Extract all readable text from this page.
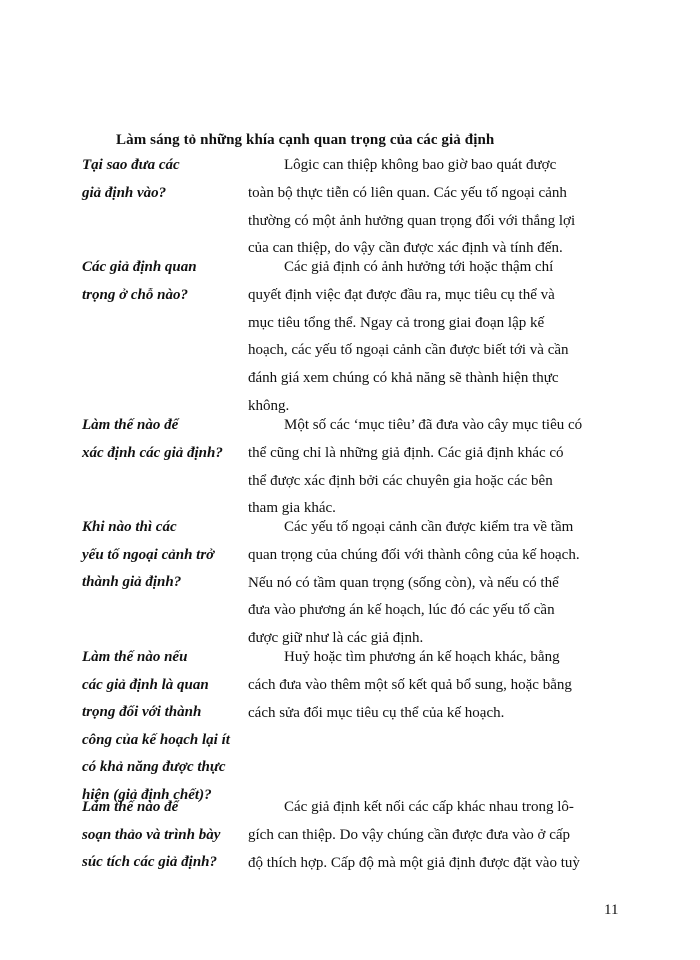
Làm sáng tỏ những khía cạnh quan trọng của các giả định
Tại sao đưa các
giả định vào?
Lôgic can thiệp không bao giờ bao quát được
toàn bộ thực tiễn có liên quan. Các yếu tố ngoại cảnh
thường có một ảnh hưởng quan trọng đối với thắng lợi
của can thiệp, do vậy cần được xác định và tính đến.
Các giả định quan
trọng ở chỗ nào?
Các giả định có ảnh hưởng tới hoặc thậm chí
quyết định việc đạt được đầu ra, mục tiêu cụ thể và
mục tiêu tổng thể. Ngay cả trong giai đoạn lập kế
hoạch, các yếu tố ngoại cảnh cần được biết tới và cần
đánh giá xem chúng có khả năng sẽ thành hiện thực
không.
Làm thế nào để
xác định các giả định?
Một số các ‘mục tiêu’ đã đưa vào cây mục tiêu có
thể cũng chỉ là những giả định. Các giả định khác có
thể được xác định bởi các chuyên gia hoặc các bên
tham gia khác.
Khi nào thì các
yếu tố ngoại cảnh trở
thành giả định?
Các yếu tố ngoại cảnh cần được kiểm tra về tầm
quan trọng của chúng đối với thành công của kế hoạch.
Nếu nó có tầm quan trọng (sống còn), và nếu có thể
đưa vào phương án kế hoạch, lúc đó các yếu tố cần
được giữ như là các giả định.
Làm thế nào nếu
các giả định là quan
trọng đối với thành
công của kế hoạch lại ít
có khả năng được thực
hiện (giả định chết)?
Huỷ hoặc tìm phương án kế hoạch khác, bằng
cách đưa vào thêm một số kết quả bổ sung, hoặc bằng
cách sửa đổi mục tiêu cụ thể của kế hoạch.
Làm thế nào để
soạn thảo và trình bày
súc tích các giả định?
Các giả định kết nối các cấp khác nhau trong lô-
gích can thiệp. Do vậy chúng cần được đưa vào ở cấp
độ thích hợp. Cấp độ mà một giả định được đặt vào tuỳ
11
